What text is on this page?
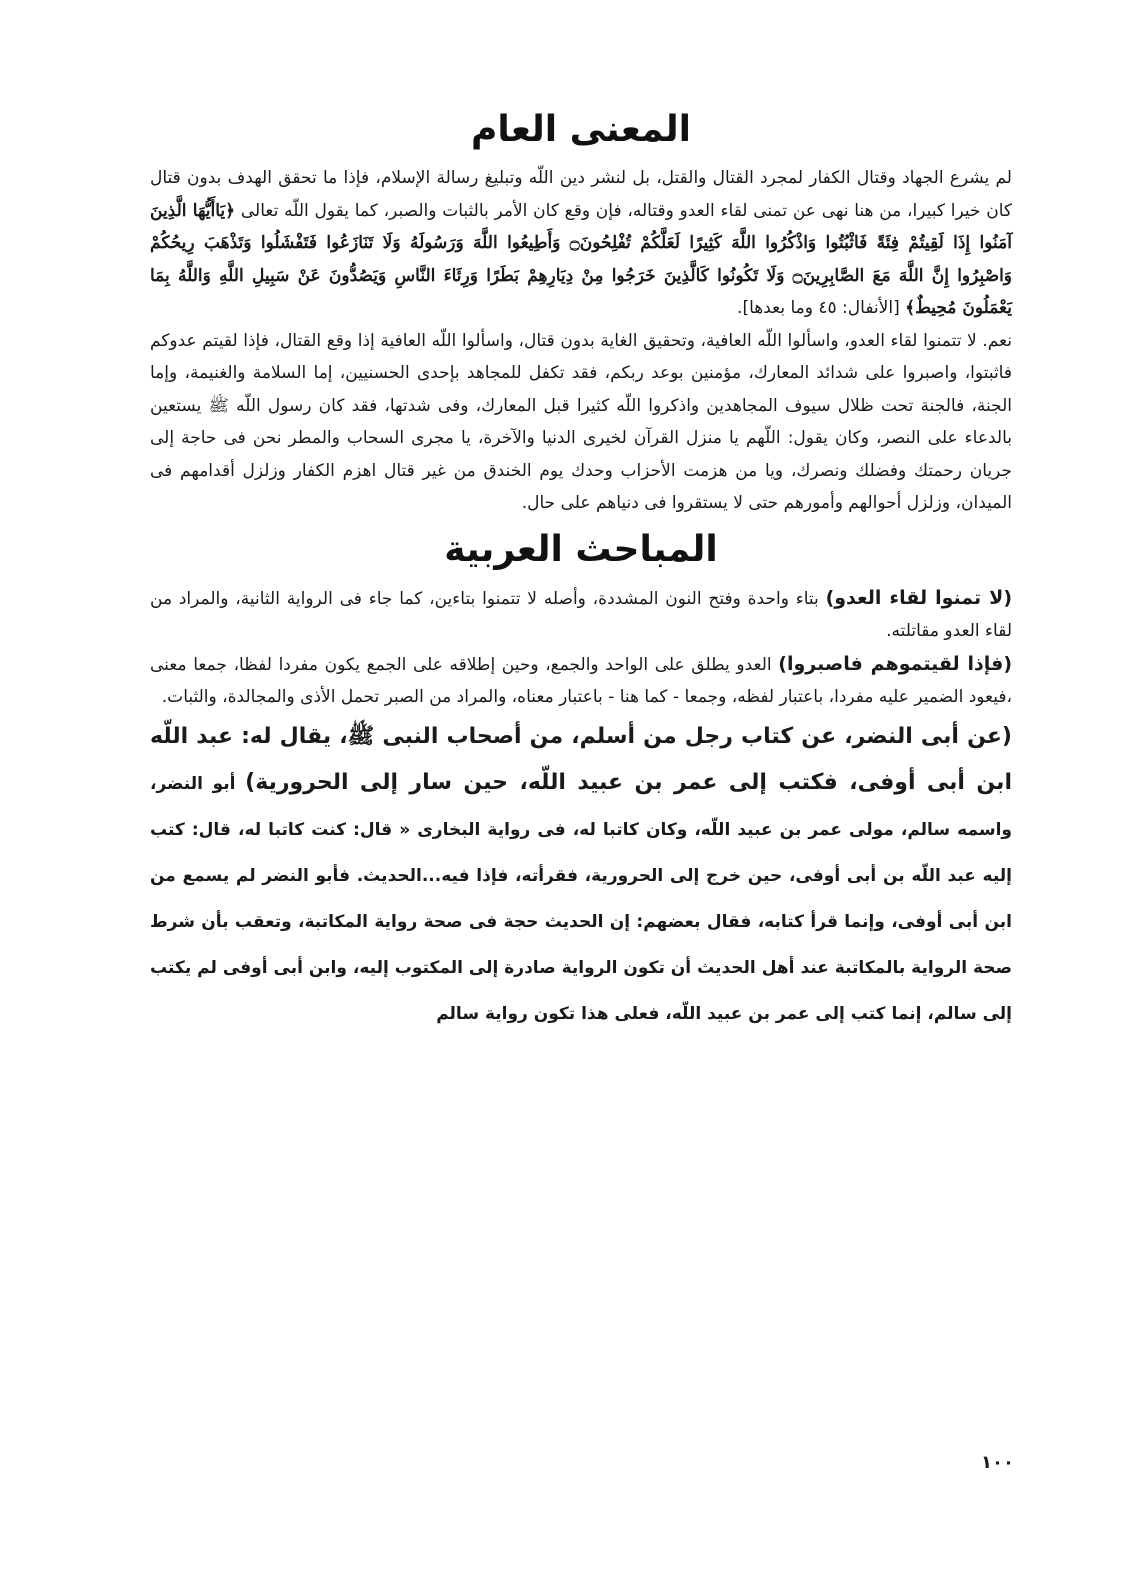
المعنى العام

لم يشرع الجهاد وقتال الكفار لمجرد القتال والقتل، بل لنشر دين اللّه وتبليغ رسالة الإسلام، فإذا ما تحقق الهدف بدون قتال كان خيرا كبيرا، من هنا نهى عن تمنى لقاء العدو وقتاله، فإن وقع كان الأمر بالثبات والصبر، كما يقول اللّه تعالى ﴿يَاأَيُّهَا الَّذِينَ آمَنُوا إِذَا لَقِيتُمْ فِئَةً فَاثْبُتُوا وَاذْكُرُوا اللَّهَ كَثِيرًا لَعَلَّكُمْ تُفْلِحُونَ۝ وَأَطِيعُوا اللَّهَ وَرَسُولَهُ وَلَا تَنَازَعُوا فَتَفْشَلُوا وَتَذْهَبَ رِيحُكُمْ وَاصْبِرُوا إِنَّ اللَّهَ مَعَ الصَّابِرِينَ۝ وَلَا تَكُونُوا كَالَّذِينَ خَرَجُوا مِنْ دِيَارِهِمْ بَطَرًا وَرِئَاءَ النَّاسِ وَيَصُدُّونَ عَنْ سَبِيلِ اللَّهِ وَاللَّهُ بِمَا يَعْمَلُونَ مُحِيطٌ﴾ [الأنفال: ٤٥ وما بعدها].

نعم. لا تتمنوا لقاء العدو، واسألوا اللّه العافية، وتحقيق الغاية بدون قتال، واسألوا اللّه العافية إذا وقع القتال، فإذا لقيتم عدوكم فاثبتوا، واصبروا على شدائد المعارك، مؤمنين بوعد ربكم، فقد تكفل للمجاهد بإحدى الحسنيين، إما السلامة والغنيمة، وإما الجنة، فالجنة تحت ظلال سيوف المجاهدين واذكروا اللّه كثيرا قبل المعارك، وفى شدتها، فقد كان رسول اللّه ﷺ يستعين بالدعاء على النصر، وكان يقول: اللّهم يا منزل القرآن لخيرى الدنيا والآخرة، يا مجرى السحاب والمطر نحن فى حاجة إلى جريان رحمتك وفضلك ونصرك، ويا من هزمت الأحزاب وحدك يوم الخندق من غير قتال اهزم الكفار وزلزل أقدامهم فى الميدان، وزلزل أحوالهم وأمورهم حتى لا يستقروا فى دنياهم على حال.

المباحث العربية

(لا تمنوا لقاء العدو) بتاء واحدة وفتح النون المشددة، وأصله لا تتمنوا بتاءين، كما جاء فى الرواية الثانية، والمراد من لقاء العدو مقاتلته.

(فإذا لقيتموهم فاصبروا) العدو يطلق على الواحد والجمع، وحين إطلاقه على الجمع يكون مفردا لفظا، جمعا معنى ،فيعود الضمير عليه مفردا، باعتبار لفظه، وجمعا - كما هنا - باعتبار معناه، والمراد من الصبر تحمل الأذى والمجالدة، والثبات.

(عن أبى النضر، عن كتاب رجل من أسلم، من أصحاب النبى ﷺ، يقال له: عبد اللّه ابن أبى أوفى، فكتب إلى عمر بن عبيد اللّه، حين سار إلى الحرورية) أبو النضر، واسمه سالم، مولى عمر بن عبيد اللّه، وكان كاتبا له، فى رواية البخارى « قال: كنت كاتبا له، قال: كتب إليه عبد اللّه بن أبى أوفى، حين خرج إلى الحرورية، فقرأته، فإذا فيه...الحديث. فأبو النضر لم يسمع من ابن أبى أوفى، وإنما قرأ كتابه، فقال بعضهم: إن الحديث حجة فى صحة رواية المكاتبة، وتعقب بأن شرط صحة الرواية بالمكاتبة عند أهل الحديث أن تكون الرواية صادرة إلى المكتوب إليه، وابن أبى أوفى لم يكتب إلى سالم، إنما كتب إلى عمر بن عبيد اللّه، فعلى هذا تكون رواية سالم

١٠٠
